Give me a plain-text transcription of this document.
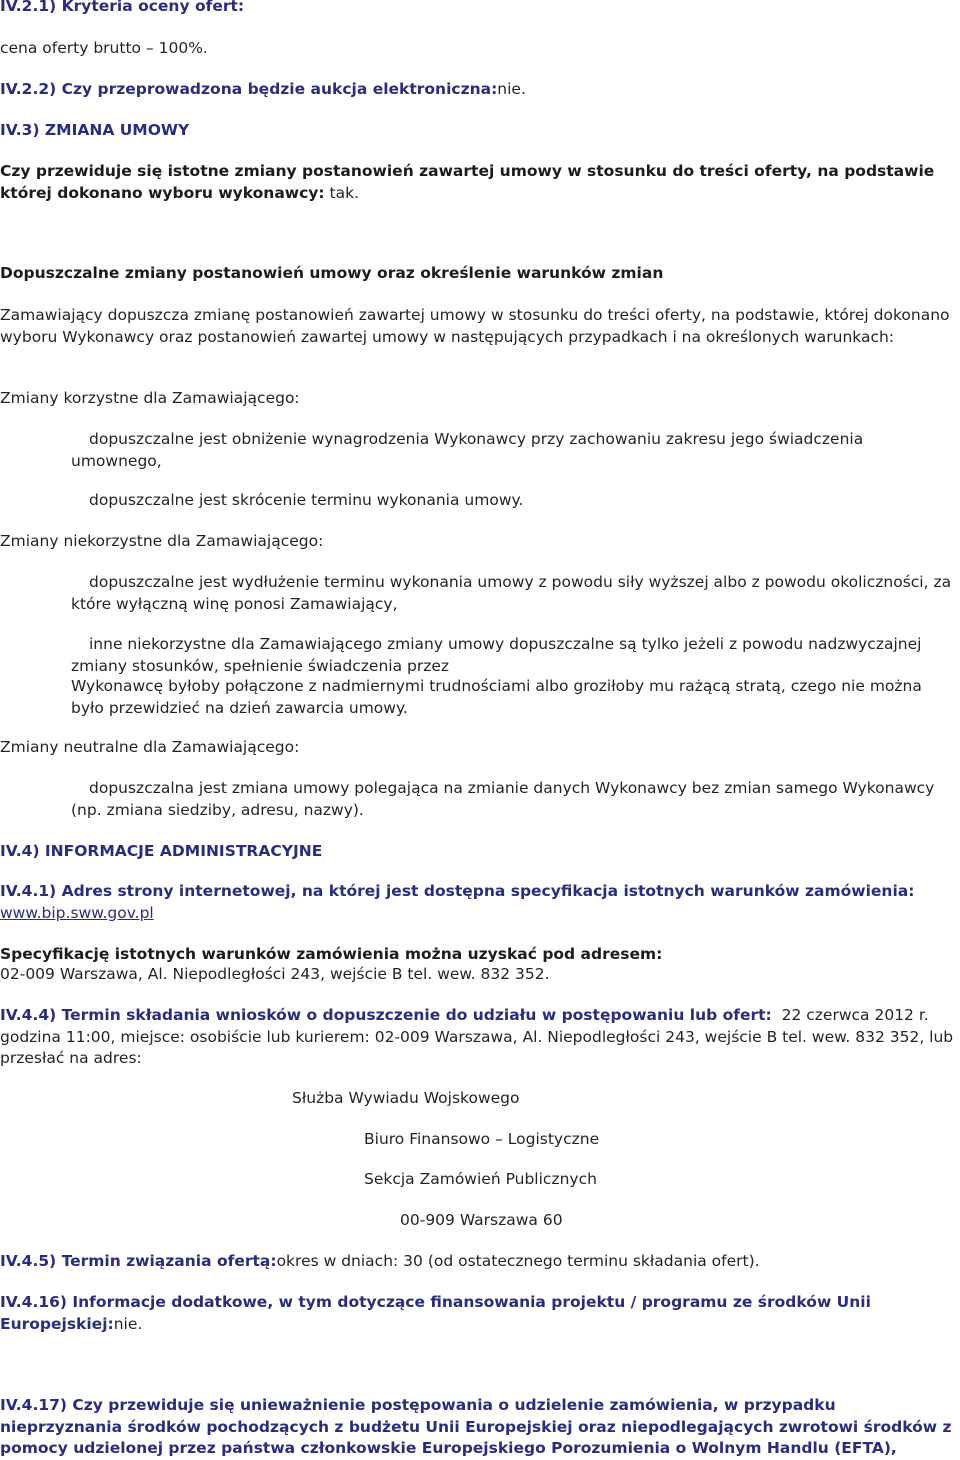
IV.2.1) Kryteria oceny ofert:
cena oferty brutto – 100%.
IV.2.2) Czy przeprowadzona będzie aukcja elektroniczna:nie.
IV.3) ZMIANA UMOWY
Czy przewiduje się istotne zmiany postanowień zawartej umowy w stosunku do treści oferty, na podstawie której dokonano wyboru wykonawcy: tak.
Dopuszczalne zmiany postanowień umowy oraz określenie warunków zmian
Zamawiający dopuszcza zmianę postanowień zawartej umowy w stosunku do treści oferty, na podstawie, której dokonano wyboru Wykonawcy oraz postanowień zawartej umowy w następujących przypadkach i na określonych warunkach:
Zmiany korzystne dla Zamawiającego:
dopuszczalne jest obniżenie wynagrodzenia Wykonawcy przy zachowaniu zakresu jego świadczenia umownego,
dopuszczalne jest skrócenie terminu wykonania umowy.
Zmiany niekorzystne dla Zamawiającego:
dopuszczalne jest wydłużenie terminu wykonania umowy z powodu siły wyższej albo z powodu okoliczności, za które wyłączną winę ponosi Zamawiający,
inne niekorzystne dla Zamawiającego zmiany umowy dopuszczalne są tylko jeżeli z powodu nadzwyczajnej zmiany stosunków, spełnienie świadczenia przez
Wykonawcę byłoby połączone z nadmiernymi trudnościami albo groziłoby mu rażącą stratą, czego nie można było przewidzieć na dzień zawarcia umowy.
Zmiany neutralne dla Zamawiającego:
dopuszczalna jest zmiana umowy polegająca na zmianie danych Wykonawcy bez zmian samego Wykonawcy (np. zmiana siedziby, adresu, nazwy).
IV.4) INFORMACJE ADMINISTRACYJNE
IV.4.1) Adres strony internetowej, na której jest dostępna specyfikacja istotnych warunków zamówienia: www.bip.sww.gov.pl
Specyfikację istotnych warunków zamówienia można uzyskać pod adresem:
02-009 Warszawa, Al. Niepodległości 243, wejście B tel. wew. 832 352.
IV.4.4) Termin składania wniosków o dopuszczenie do udziału w postępowaniu lub ofert: 22 czerwca 2012 r. godzina 11:00, miejsce: osobiście lub kurierem: 02-009 Warszawa, Al. Niepodległości 243, wejście B tel. wew. 832 352, lub przesłać na adres:
Służba Wywiadu Wojskowego
Biuro Finansowo – Logistyczne
Sekcja Zamówień Publicznych
00-909 Warszawa 60
IV.4.5) Termin związania ofertą:okres w dniach: 30 (od ostatecznego terminu składania ofert).
IV.4.16) Informacje dodatkowe, w tym dotyczące finansowania projektu / programu ze środków Unii Europejskiej:nie.
IV.4.17) Czy przewiduje się unieważnienie postępowania o udzielenie zamówienia, w przypadku nieprzyznania środków pochodzących z budżetu Unii Europejskiej oraz niepodlegających zwrotowi środków z pomocy udzielonej przez państwa członkowskie Europejskiego Porozumienia o Wolnym Handlu (EFTA),
